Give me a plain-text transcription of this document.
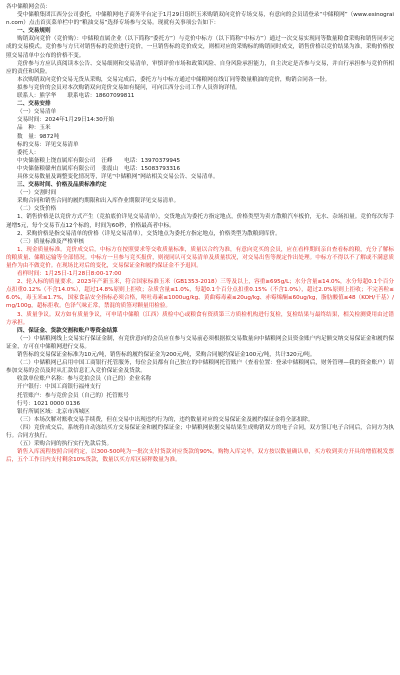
各中储粮网会员：

受中储粮集团江西分公司委托，中储粮网电子商务平台定于1月29日组织玉米购销双向竞价专场交易，有意向的会员请登录“中储粮网”（www.esinograin.com）点击首页菜单栏中的“粮油交易”选择专场参与交易。现就有关事项公告如下：

一、交易规则

购销双向竞价（竞价购）：中储粮直属企业（以下简称“委托方”）与竞价中标方（以下简称“中标方”）通过一次交易实现同等数量粮食采购和销售同步完成的交易模式。竞价参与方只对销售标的竞价进行竞价，一旦销售标的竞价成交，则相对应的采购标的购销同时成交，销售价格以竞价结果为准，采购价格按照交易清单中公布的价格不变。

竞价参与方应认真阅读本公告、交易细则和交易清单，审慎评价市场和政策风险、自身风险承担能力，自主决定是否参与交易，并自行承担参与竞价所相应的责任和风险。

本次购销双向竞价交易无货从采购，交易完成后，委托方与中标方通过中储粮网在线订同等数量粮油的竞价，购销合同各一份。

拟参与竞价的会员对本次购销双向竞价交易如有疑问，可向江西分公司工作人员咨询详情。

联系人：熊学华　　联系电话：18607099811

二、交易安排

（一）交易清单

交易时间：2024年1月29日14:30开始

品　种：玉米

数　量：9872吨

标的交易：详见交易清单

委托人：

中央储备粮上饶直属库有限公司	汪峰	电话：13970379945
中央储备粮赣州直属库有限公司	张震山	电话：15083793316

具体交易数量及调整变化情况等，详见“中储粮网”网站相关交易公告、交易清单。

三、交易时间、价格及品质标准约定

（一）交割时间

采购合同和销售合同的履约期限和出入库作业期限详见交易清单。

（二）交货价格

1、销售价格是以竞价方式产生（竞拍底价详见交易清单），交货地点为委托方指定地点，价格类型为卖方散粮汽车板价，无水、杂场扣量。竞价每次每手递增5元，每个交易节点12个标的，时间为60秒，价格最高者中标。

2、采购价格是指交易清单的价格（详见交易清单），交货地点为委托方指定地点，价格类型为散粮到库价。

（三）质量标准及严格审核

1、现金质量标准。竞价成交后，中标方在按照要求等交收质量标准，质量以合约为准，有意向竞买的会员，应在看样期间亲自查看标的粮，充分了解标的粮质量、储粮运输等全部情况。中标方一旦参与竞买报价，则视同认可交易清单及质量状况，对交易出售等规定作出处理。中标方不得以不了解或不满意质量作为由不做竞价。在现场比对后的变化，交易保证金和履约保证金不予退回。

看样时间：1月25日-1月28日8:00-17:00

2、轮入标的质量要求。2023年产新玉米，符合国家标准玉米（GB1353-2018）三等及以上，容重≥695g/L；水分含量≤14.0%，水分每超0.1个百分点扣重0.12%（不含14.0%），超过14.8%原则上拒收；杂质含量≤1.0%，每超0.1个百分点扣重0.15%（不含1.0%），超过2.0%原则上拒收；不完善粒≤6.0%，毒玉米≤1.7%，国家食品安全指标必须合格，呕吐毒素≤1000ug/kg、黄曲霉毒素≤20ug/kg、赤霉烯酮≤60ug/kg，脂肪酸值≤48（KOH/干基）/mg/100g，超标拒收。色泽气味正常，禁混的质签对颗量用检验。

3、质量争议。双方如有质量争议，可申请中储粮（江西）质检中心或粮食有资质第三方质检机构进行复检，复检结果与最终结果，相关检测费用由过错方承担。

四、保证金、货款交割和账户等资金结算

（一）中储粮网线上交易实行保证金制，有竞价意向的会员应在参与交易前必须根据拟交易数量向中储粮网会员资金账户内足额交纳交易保证金和履约保证金，方可在中储粮网进行交易。

销售标的交易保证金标准为10元/吨，销售标的履约保证金为200元/吨，采购合同履约保证金100元/吨，共计320元/吨。

（二）中储粮网已启用中国工商银行托管服务，每位会员都有自己独立的中储粮网托管账户（查看位置：登录中储粮网后，财务管理—我的资金账户）请参加交易的会员及时从汇款信息汇入竞价保证金及货款。

收款单位账户名称：参与竞拍会员（自己的）企业名称

开户银行：中国工商银行福州支行

托管账户：参与竞价会员（自己的）托管账号

行号：1021 0000 0136

银行所属区域：北京市西城区

（三）本场次解对账收交易手续费，但在交易中出现违约行为的，违约数量对应的交易保证金及履约保证金将全部扣除。

（四）竞价成交后，系统将自动冻结买方交易保证金和履约保证金；中储粮网依据交易结果生成购销双方的电子合同，双方签订电子合同后，合同方为执行。合同方执行。

（五）采购合同的执行实行先款后货。

销售入库流程按照合同约定，以300-500吨为一批次支付货款对应货款的90%，购物入库完毕，双方按以数量确认单，买方收到卖方开具的增值税发票后，五个工作日内支付剩余10%货款，数量以买方库区磅秤数量为准。
